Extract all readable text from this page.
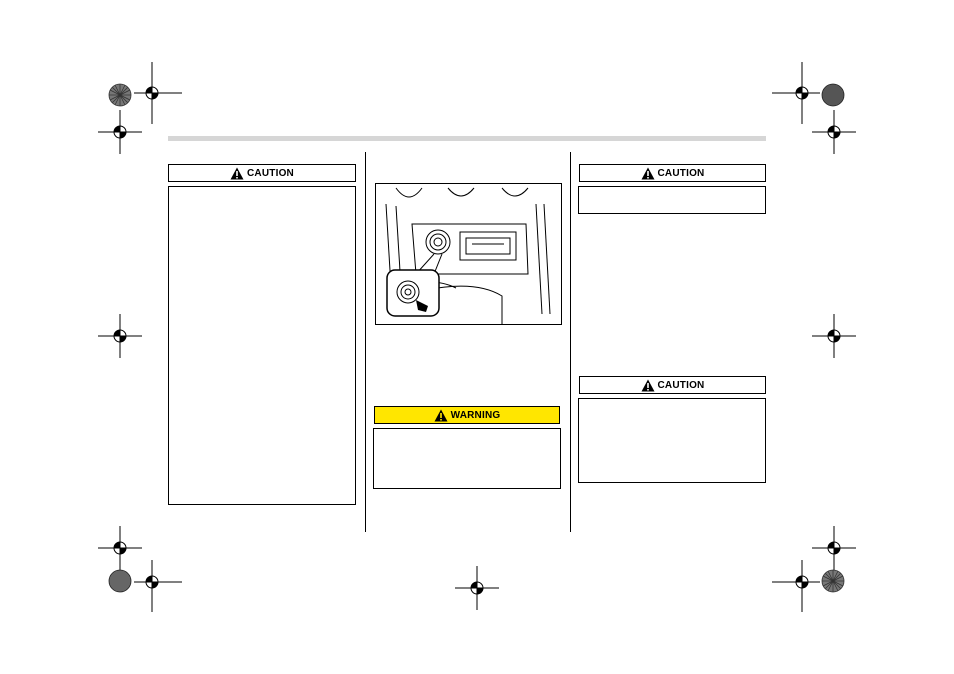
CAUTION
WARNING
CAUTION
CAUTION
